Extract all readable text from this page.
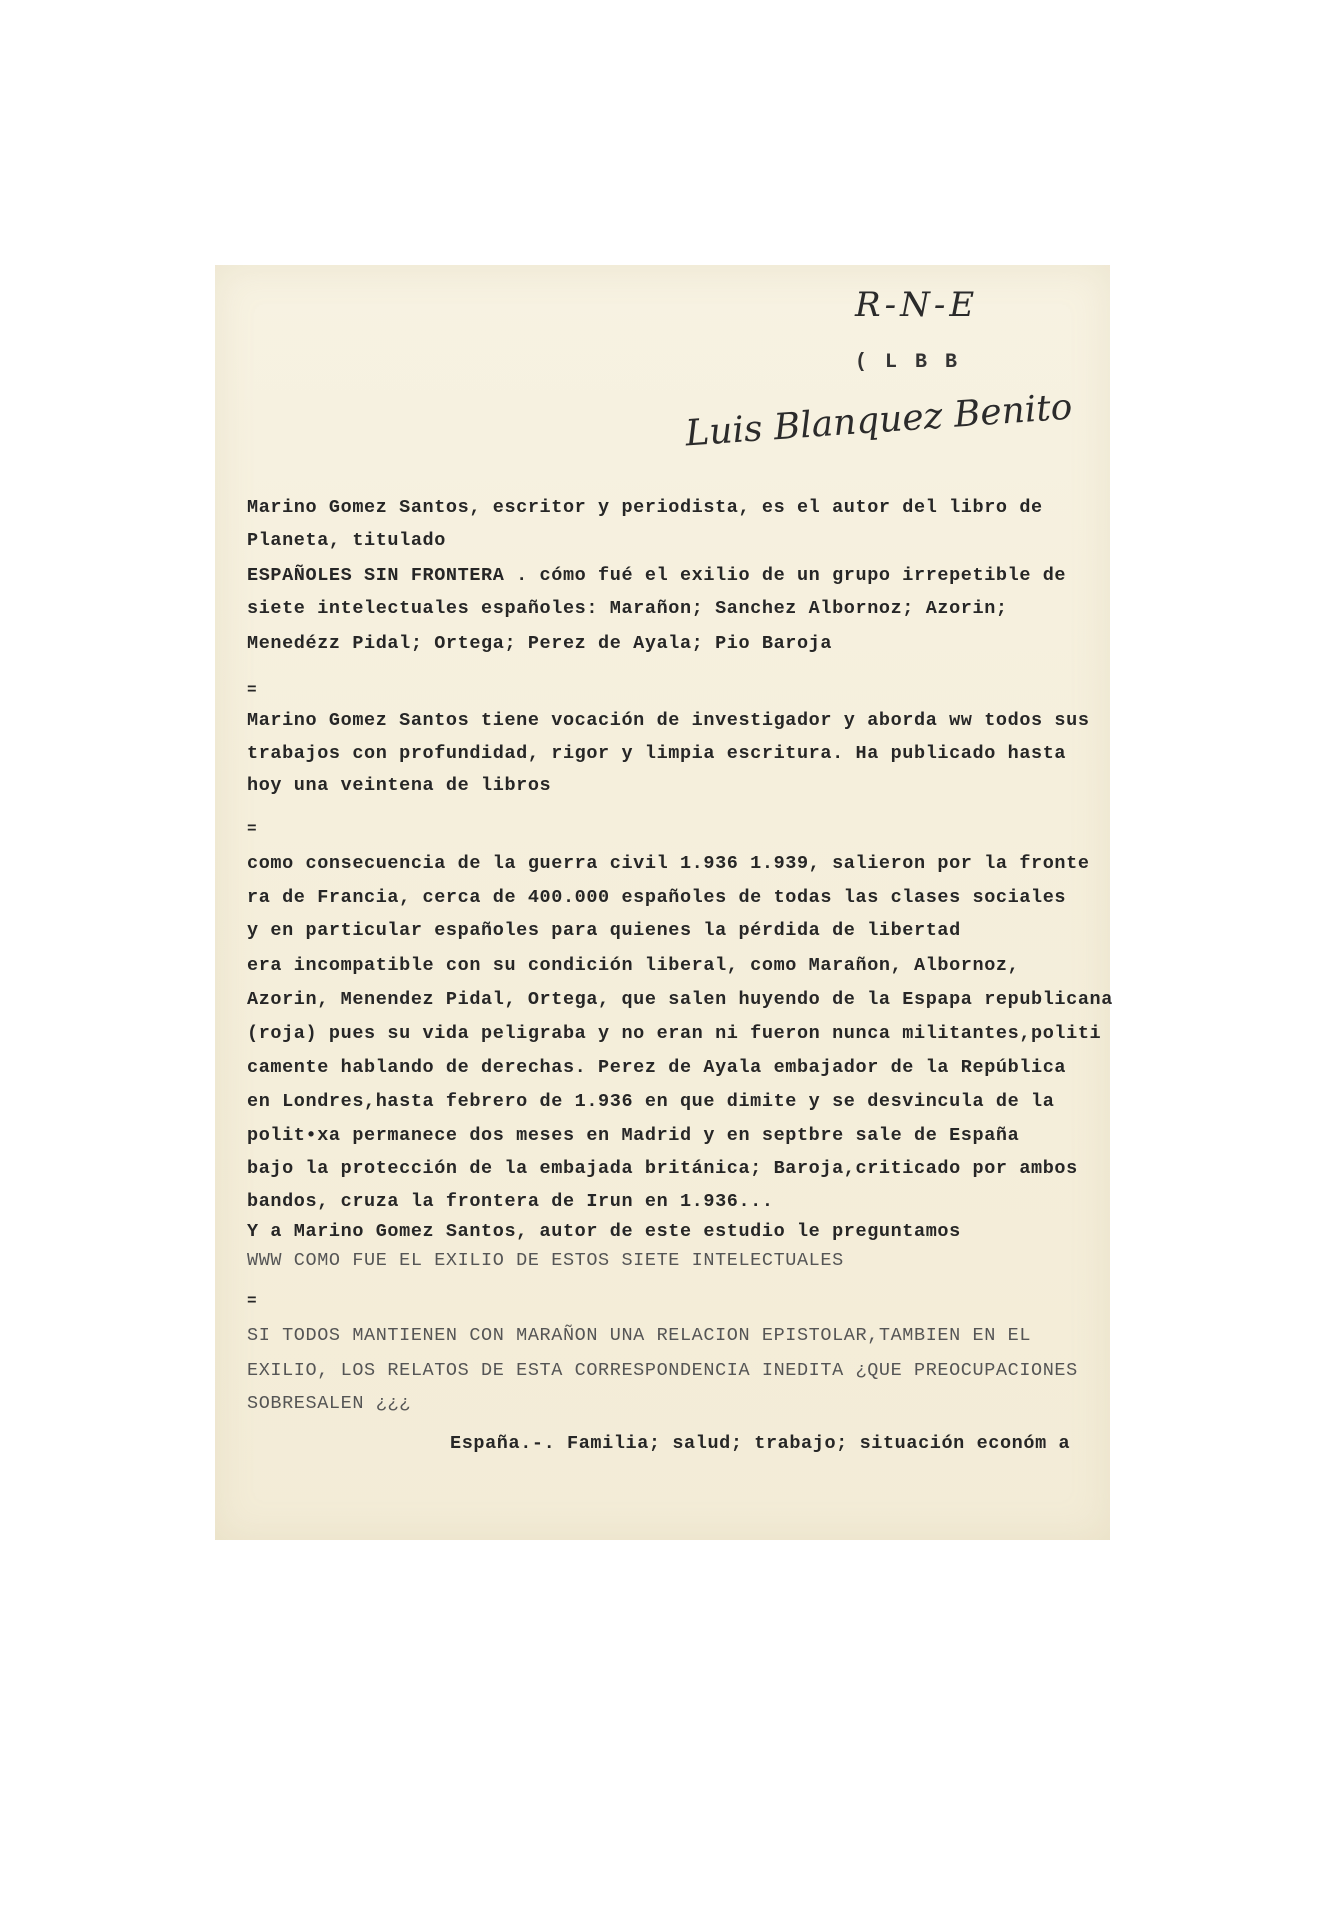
R-N-E
( L B B
Luis Blanquez Benito

Marino Gomez Santos, escritor y periodista, es el autor del libro de

Planeta, titulado

ESPAÑOLES SIN FRONTERA . cómo fué el exilio de un grupo irrepetible de

siete intelectuales españoles: Marañon; Sanchez Albornoz; Azorin;

Menedézz Pidal; Ortega; Perez de Ayala; Pio Baroja

=

Marino Gomez Santos tiene vocación de investigador y aborda ww todos sus

trabajos con profundidad, rigor y limpia escritura. Ha publicado hasta

hoy una veintena de libros

=

como consecuencia de la guerra civil 1.936 1.939, salieron por la fronte

ra de Francia, cerca de 400.000 españoles de todas las clases sociales

y en particular españoles para quienes la pérdida de libertad

era incompatible con su condición liberal, como Marañon, Albornoz,

Azorin, Menendez Pidal, Ortega, que salen huyendo de la Espapa republicana

(roja) pues su vida peligraba y no eran ni fueron nunca militantes,politi

camente hablando de derechas. Perez de Ayala embajador de la República

en Londres,hasta febrero de 1.936 en que dimite y se desvincula de la

polit•xa permanece dos meses en Madrid y en septbre sale de España

bajo la protección de la embajada británica; Baroja,criticado por ambos

bandos, cruza la frontera de Irun en 1.936...

Y a Marino Gomez Santos, autor de este estudio le preguntamos

WWW COMO FUE EL EXILIO DE ESTOS SIETE INTELECTUALES

=

SI TODOS MANTIENEN CON MARAÑON UNA RELACION EPISTOLAR,TAMBIEN EN EL

EXILIO, LOS RELATOS DE ESTA CORRESPONDENCIA INEDITA ¿QUE PREOCUPACIONES

SOBRESALEN ¿¿¿

España.-. Familia; salud; trabajo; situación económ a
